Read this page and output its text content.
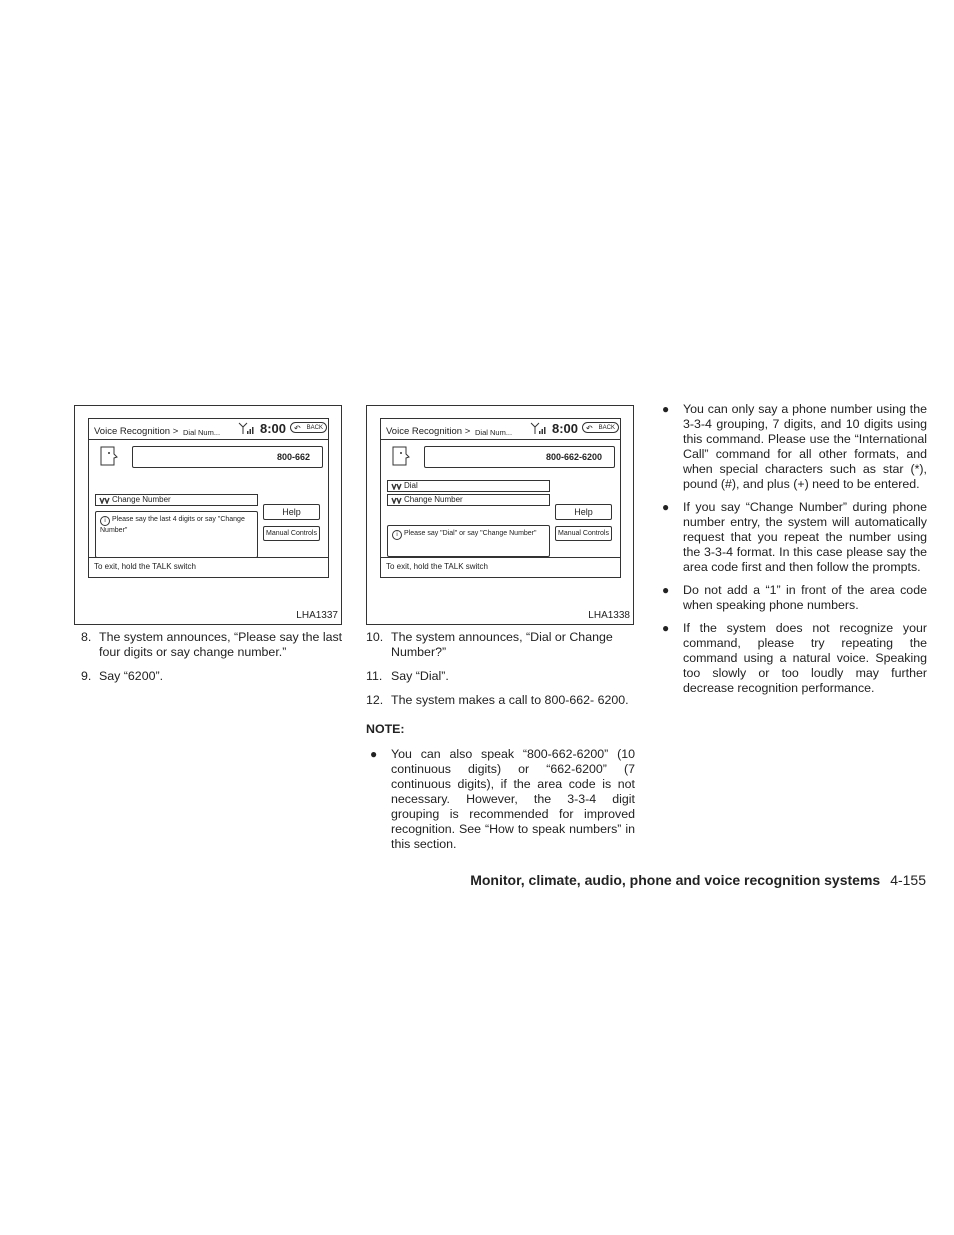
Voice Recognition > Dial Num...	8:00 ↶ BACK
800-662
Change Number
i Please say the last 4 digits or say "Change Number"
Help
Manual Controls
To exit, hold the TALK switch
LHA1337
8. The system announces, “Please say the last four digits or say change number.”
9. Say “6200”.
Voice Recognition > Dial Num...	8:00 ↶ BACK
800-662-6200
Dial
Change Number
i Please say "Dial" or say "Change Number"
Help
Manual Controls
To exit, hold the TALK switch
LHA1338
10. The system announces, “Dial or Change Number?”
11. Say “Dial”.
12. The system makes a call to 800-662- 6200.
NOTE:
● You can also speak “800-662-6200” (10 continuous digits) or “662-6200” (7 continuous digits), if the area code is not necessary. However, the 3-3-4 digit grouping is recommended for improved recognition. See “How to speak numbers” in this section.
● You can only say a phone number using the 3-3-4 grouping, 7 digits, and 10 digits using this command. Please use the “International Call” command for all other formats, and when special characters such as star (*), pound (#), and plus (+) need to be entered.
● If you say “Change Number” during phone number entry, the system will automatically request that you repeat the number using the 3-3-4 format. In this case please say the area code first and then follow the prompts.
● Do not add a “1” in front of the area code when speaking phone numbers.
● If the system does not recognize your command, please try repeating the command using a natural voice. Speaking too slowly or too loudly may further decrease recognition performance.
Monitor, climate, audio, phone and voice recognition systems 4-155
